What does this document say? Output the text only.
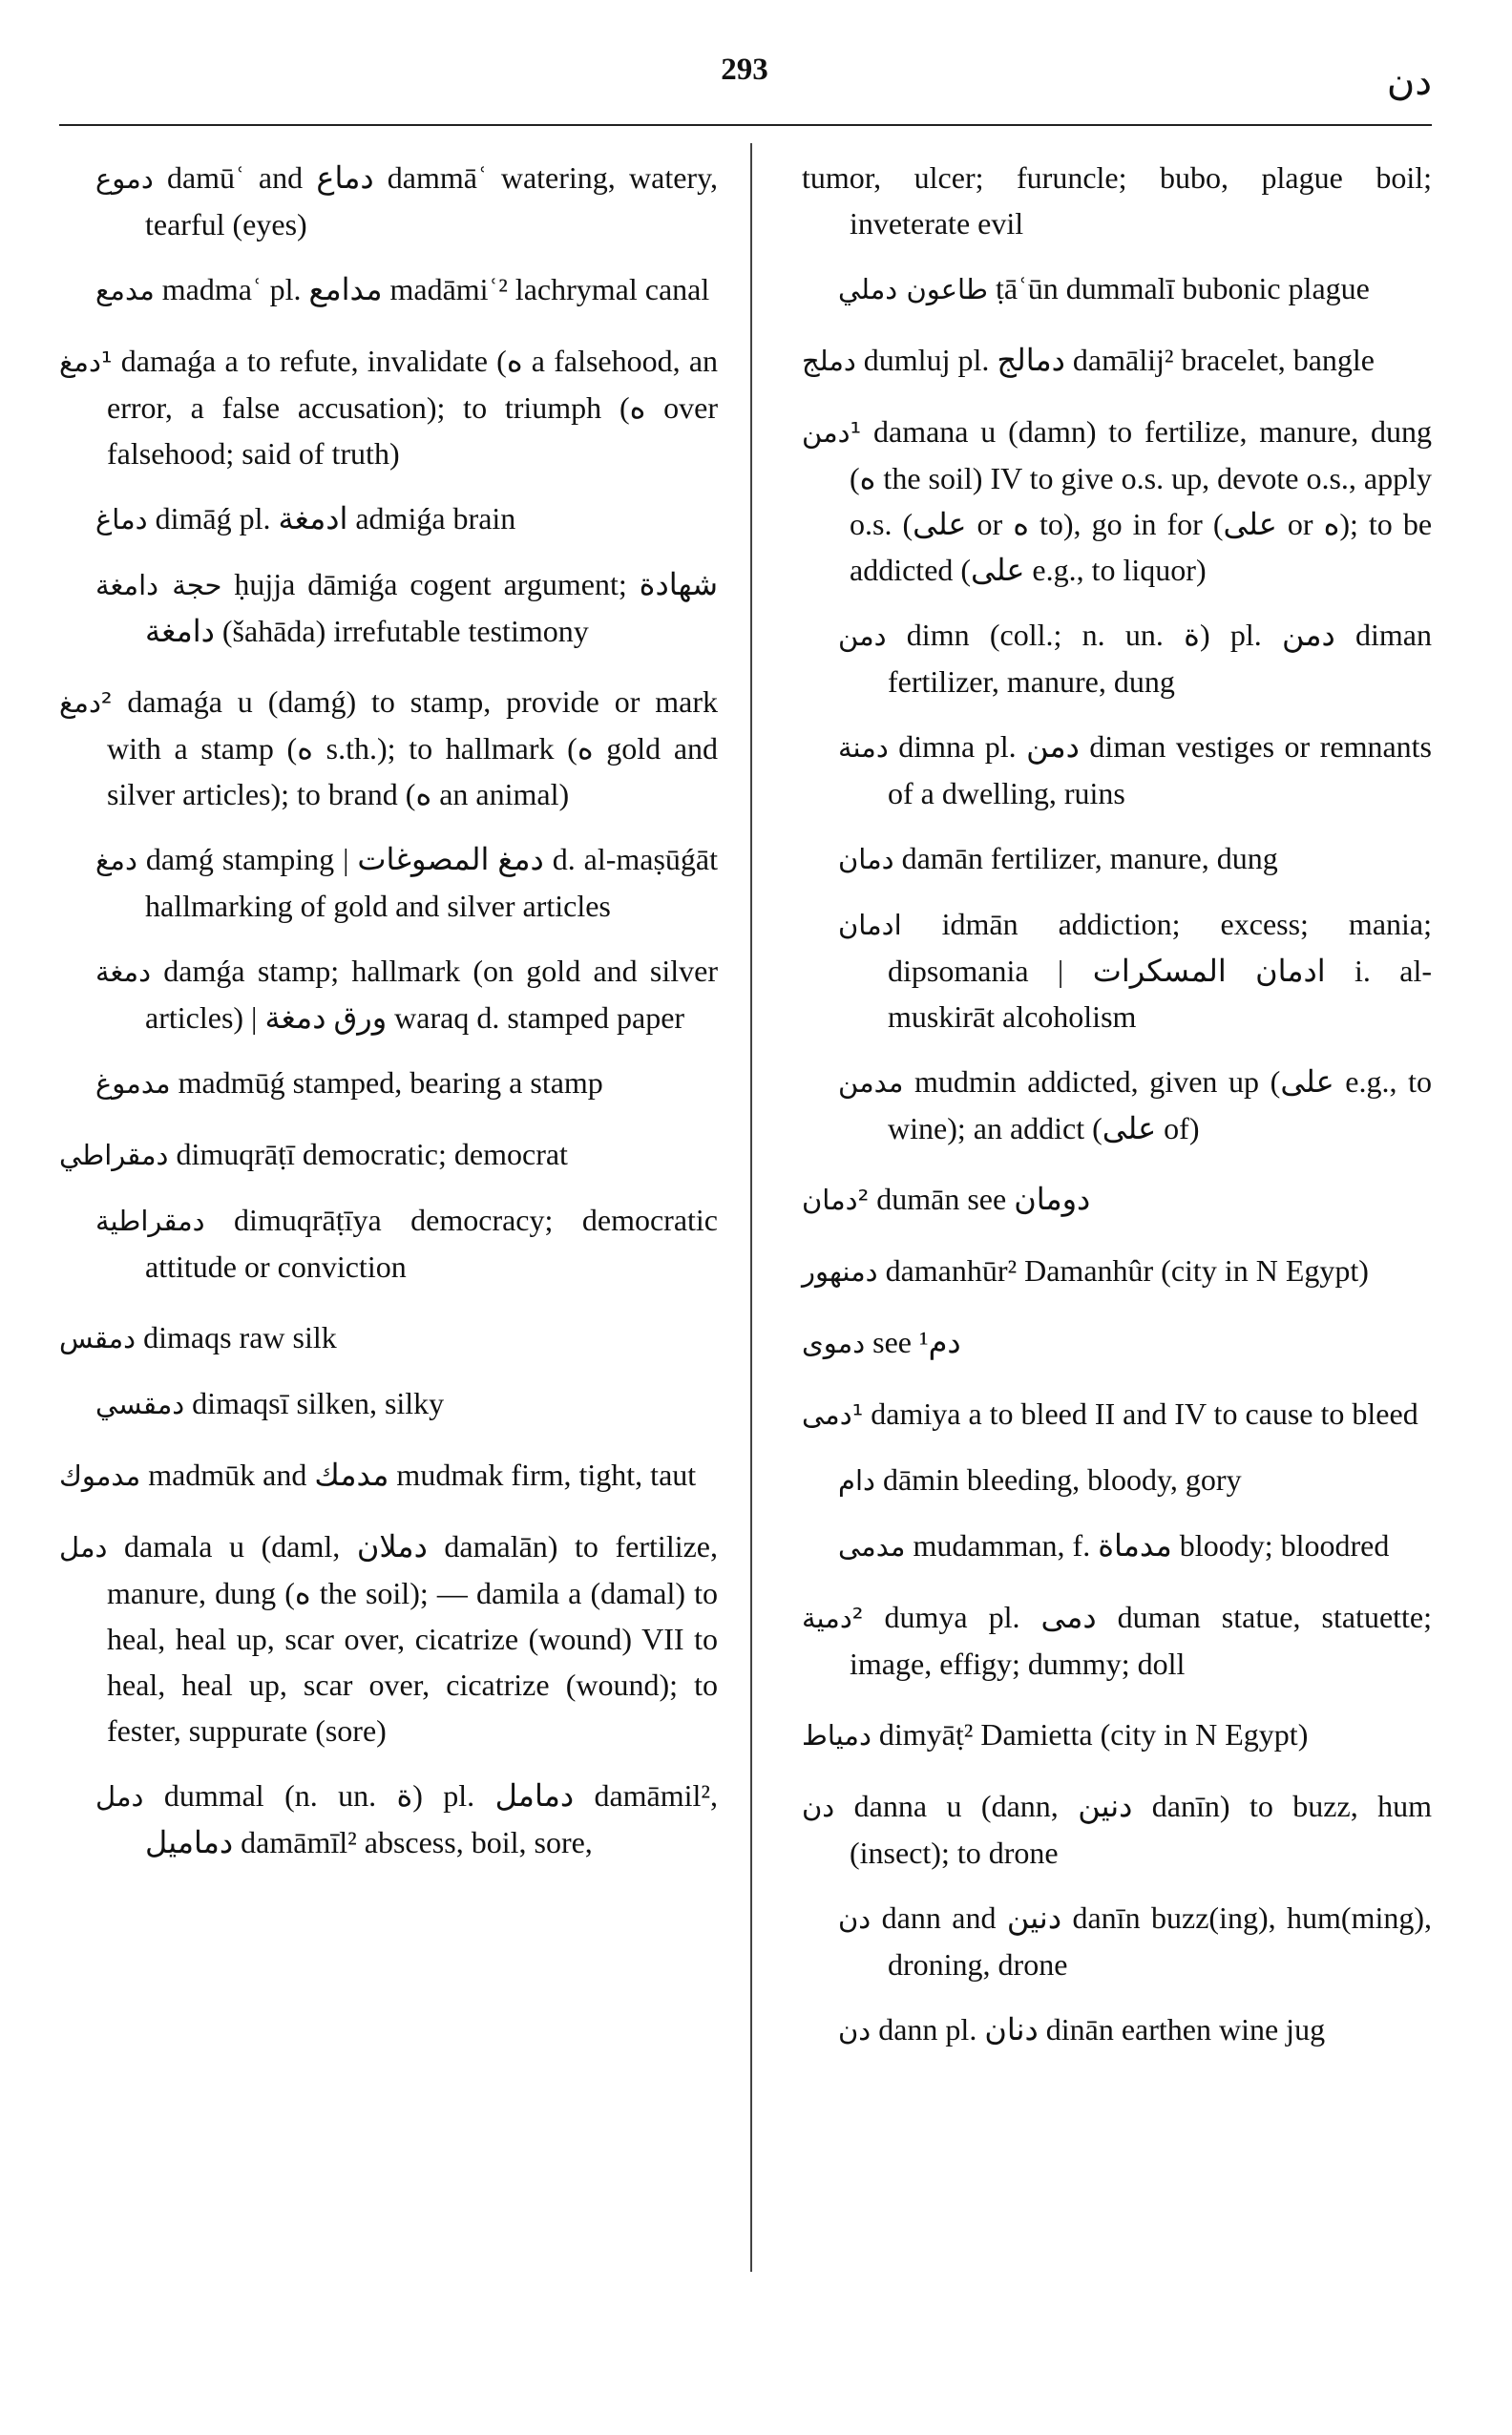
293	دن

دموع damūʿ and دماع dammāʿ watering, watery, tearful (eyes)

مدمع madmaʿ pl. مدامع madāmiʿ² lachrymal canal

¹دمغ damaǵa a to refute, invalidate (ه a falsehood, an error, a false accusation); to triumph (ه over falsehood; said of truth)

دماغ dimāǵ pl. ادمغة admiǵa brain

حجة دامغة ḥujja dāmiǵa cogent argument; شهادة دامغة (šahāda) irrefutable testimony

²دمغ damaǵa u (damǵ) to stamp, provide or mark with a stamp (ه s.th.); to hallmark (ه gold and silver articles); to brand (ه an animal)

دمغ damǵ stamping | دمغ المصوغات d. al-maṣūǵāt hallmarking of gold and silver articles

دمغة damǵa stamp; hallmark (on gold and silver articles) | ورق دمغة waraq d. stamped paper

مدموغ madmūǵ stamped, bearing a stamp

دمقراطي dimuqrāṭī democratic; democrat

دمقراطية dimuqrāṭīya democracy; democratic attitude or conviction

دمقس dimaqs raw silk

دمقسي dimaqsī silken, silky

مدموك madmūk and مدمك mudmak firm, tight, taut

دمل damala u (daml, دملان damalān) to fertilize, manure, dung (ه the soil); — damila a (damal) to heal, heal up, scar over, cicatrize (wound) VII to heal, heal up, scar over, cicatrize (wound); to fester, suppurate (sore)

دمل dummal (n. un. ة) pl. دمامل damāmil², دماميل damāmīl² abscess, boil, sore,

tumor, ulcer; furuncle; bubo, plague boil; inveterate evil

طاعون دملي ṭāʿūn dummalī bubonic plague

دملج dumluj pl. دمالج damālij² bracelet, bangle

¹دمن damana u (damn) to fertilize, manure, dung (ه the soil) IV to give o.s. up, devote o.s., apply o.s. (على or ه to), go in for (على or ه); to be addicted (على e.g., to liquor)

دمن dimn (coll.; n. un. ة) pl. دمن diman fertilizer, manure, dung

دمنة dimna pl. دمن diman vestiges or remnants of a dwelling, ruins

دمان damān fertilizer, manure, dung

ادمان idmān addiction; excess; mania; dipsomania | ادمان المسكرات i. al-muskirāt alcoholism

مدمن mudmin addicted, given up (على e.g., to wine); an addict (على of)

²دمان dumān see دومان

دمنهور damanhūr² Damanhûr (city in N Egypt)

دموى see ¹دم

¹دمى damiya a to bleed II and IV to cause to bleed

دام dāmin bleeding, bloody, gory

مدمى mudamman, f. مدماة bloody; bloodred

²دمية dumya pl. دمى duman statue, statuette; image, effigy; dummy; doll

دمياط dimyāṭ² Damietta (city in N Egypt)

دن danna u (dann, دنين danīn) to buzz, hum (insect); to drone

دن dann and دنين danīn buzz(ing), hum(ming), droning, drone

دن dann pl. دنان dinān earthen wine jug
